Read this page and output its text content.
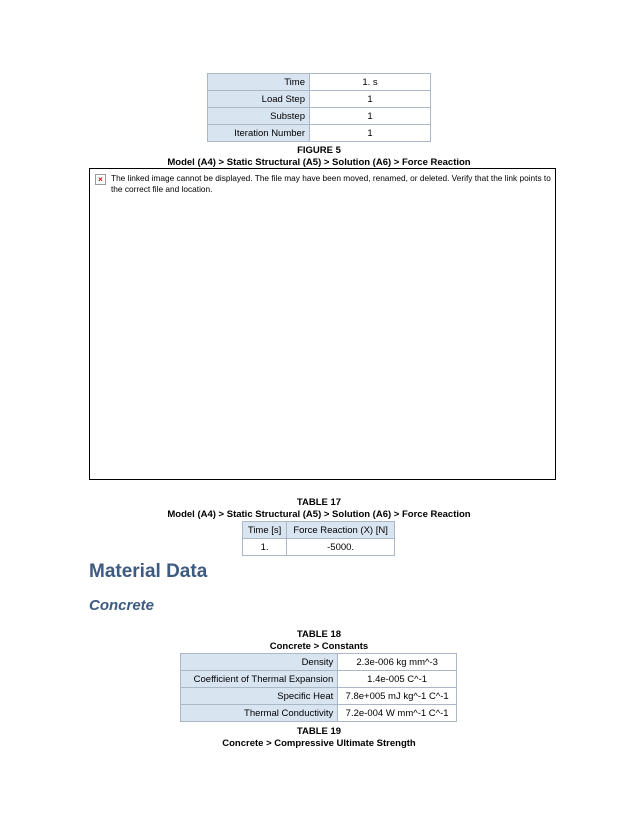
Time	1. s
Load Step	1
Substep	1
Iteration Number	1
FIGURE 5
Model (A4) > Static Structural (A5) > Solution (A6) > Force Reaction
× The linked image cannot be displayed. The file may have been moved, renamed, or deleted. Verify that the link points to the correct file and location.
TABLE 17
Model (A4) > Static Structural (A5) > Solution (A6) > Force Reaction
Time [s]	Force Reaction (X) [N]
1.	-5000.
Material Data
Concrete
TABLE 18
Concrete > Constants
Density	2.3e-006 kg mm^-3
Coefficient of Thermal Expansion	1.4e-005 C^-1
Specific Heat	7.8e+005 mJ kg^-1 C^-1
Thermal Conductivity	7.2e-004 W mm^-1 C^-1
TABLE 19
Concrete > Compressive Ultimate Strength
